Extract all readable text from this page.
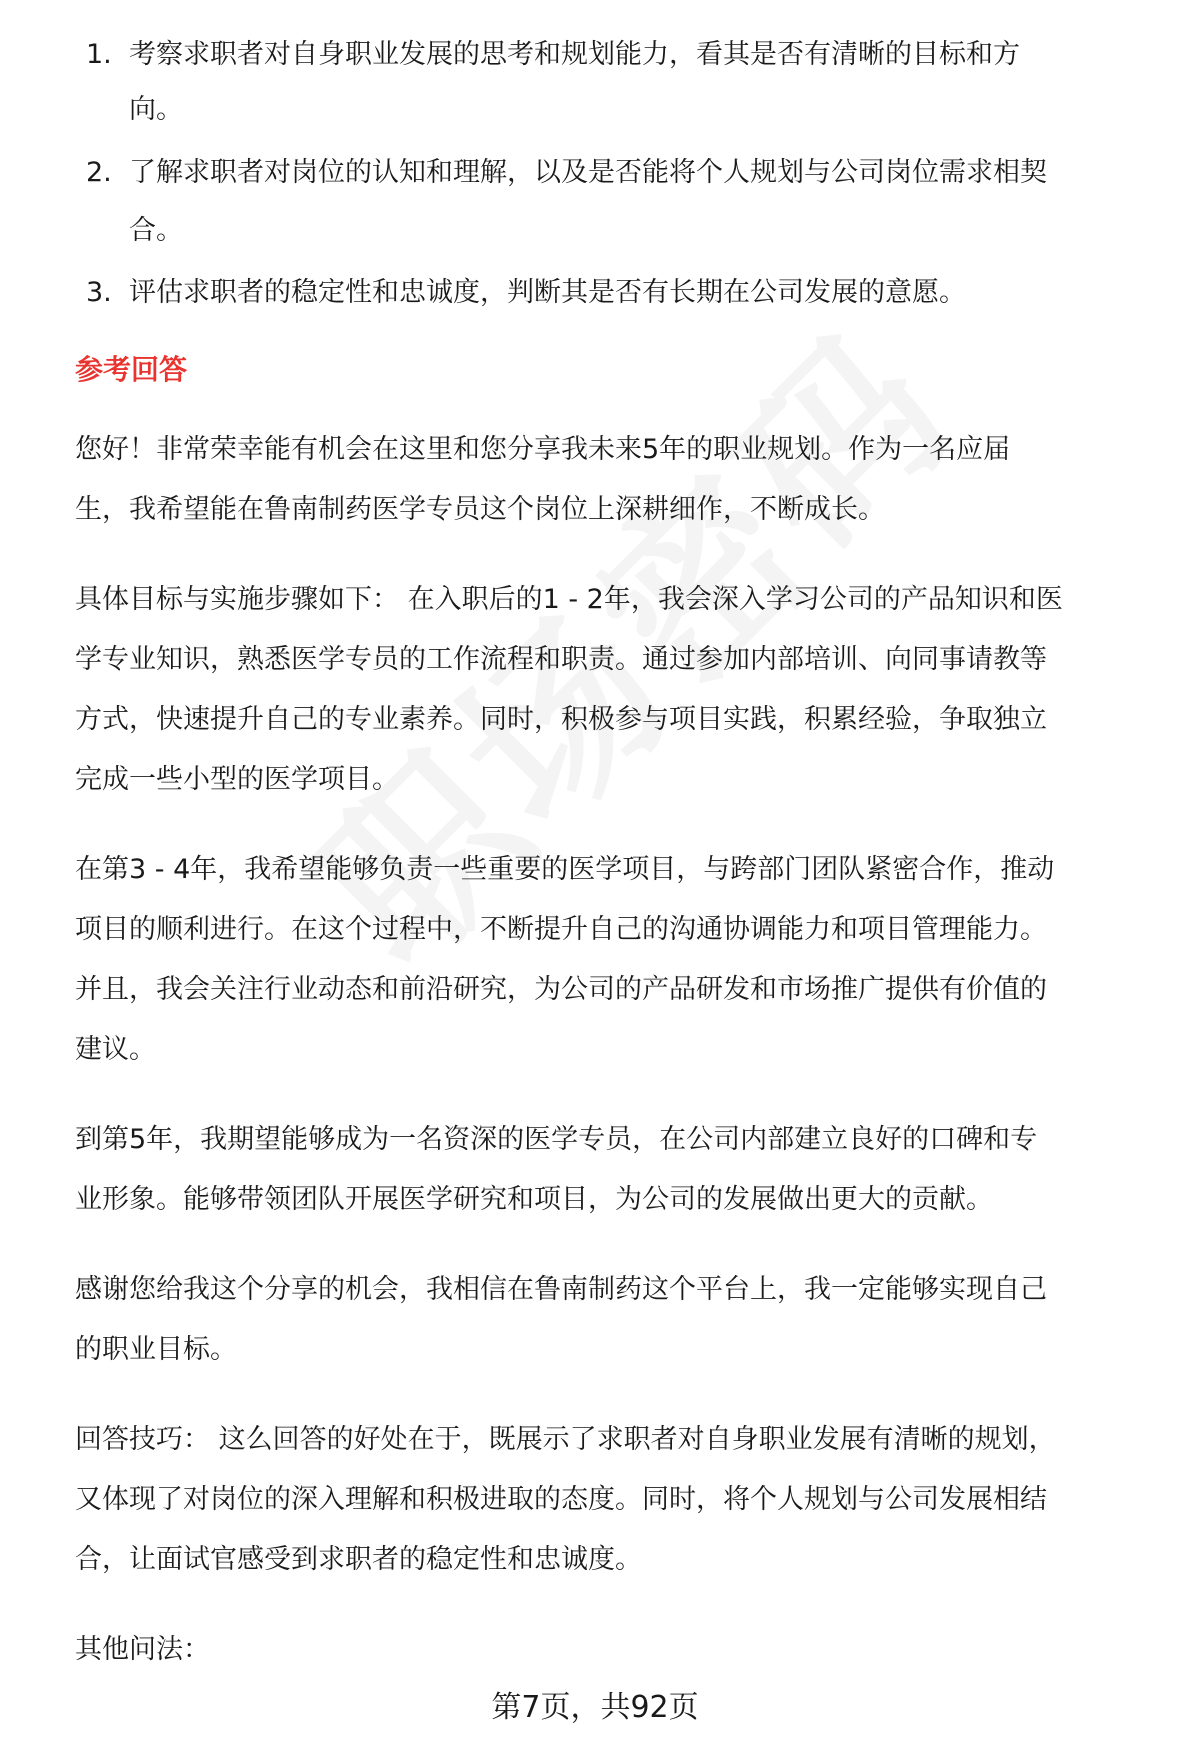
1. 考察求职者对自身职业发展的思考和规划能力，看其是否有清晰的目标和方
向。
2. 了解求职者对岗位的认知和理解，以及是否能将个人规划与公司岗位需求相契
合。
3. 评估求职者的稳定性和忠诚度，判断其是否有长期在公司发展的意愿。
参考回答
您好！非常荣幸能有机会在这里和您分享我未来5年的职业规划。作为一名应届
生，我希望能在鲁南制药医学专员这个岗位上深耕细作，不断成长。
具体目标与实施步骤如下： 在入职后的1 - 2年，我会深入学习公司的产品知识和医
学专业知识，熟悉医学专员的工作流程和职责。通过参加内部培训、向同事请教等
方式，快速提升自己的专业素养。同时，积极参与项目实践，积累经验，争取独立
完成一些小型的医学项目。
在第3 - 4年，我希望能够负责一些重要的医学项目，与跨部门团队紧密合作，推动
项目的顺利进行。在这个过程中，不断提升自己的沟通协调能力和项目管理能力。
并且，我会关注行业动态和前沿研究，为公司的产品研发和市场推广提供有价值的
建议。
到第5年，我期望能够成为一名资深的医学专员，在公司内部建立良好的口碑和专
业形象。能够带领团队开展医学研究和项目，为公司的发展做出更大的贡献。
感谢您给我这个分享的机会，我相信在鲁南制药这个平台上，我一定能够实现自己
的职业目标。
回答技巧： 这么回答的好处在于，既展示了求职者对自身职业发展有清晰的规划，
又体现了对岗位的深入理解和积极进取的态度。同时，将个人规划与公司发展相结
合，让面试官感受到求职者的稳定性和忠诚度。
其他问法：
第7页，共92页
